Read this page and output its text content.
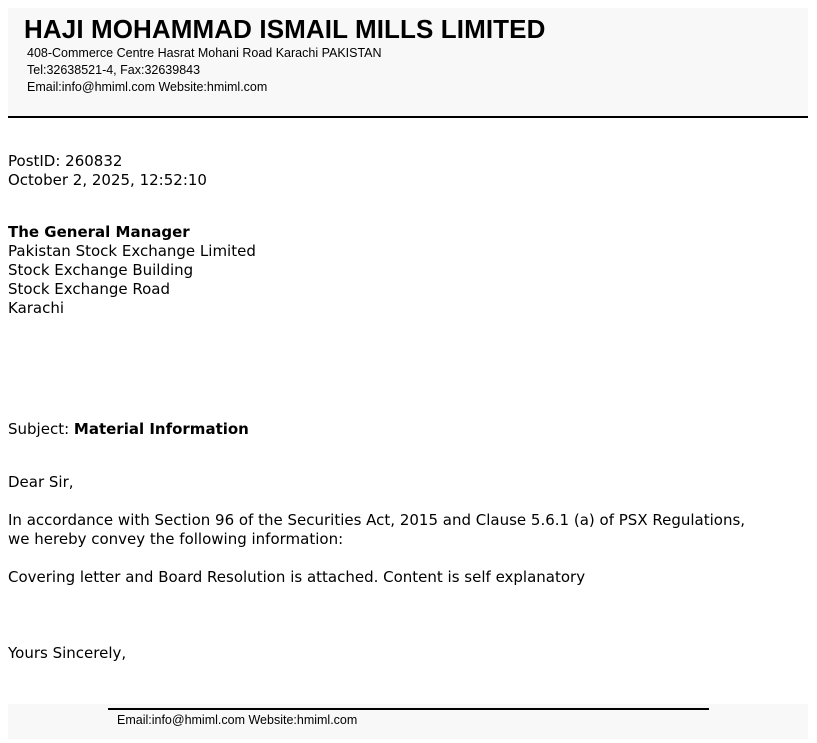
HAJI MOHAMMAD ISMAIL MILLS LIMITED
408-Commerce Centre Hasrat Mohani Road Karachi PAKISTAN
Tel:32638521-4, Fax:32639843
Email:info@hmiml.com Website:hmiml.com
PostID: 260832
October 2, 2025, 12:52:10
The General Manager
Pakistan Stock Exchange Limited
Stock Exchange Building
Stock Exchange Road
Karachi
Subject: Material Information
Dear Sir,
In accordance with Section 96 of the Securities Act, 2015 and Clause 5.6.1 (a) of PSX Regulations,
we hereby convey the following information:
Covering letter and Board Resolution is attached. Content is self explanatory
Yours Sincerely,
Email:info@hmiml.com Website:hmiml.com
